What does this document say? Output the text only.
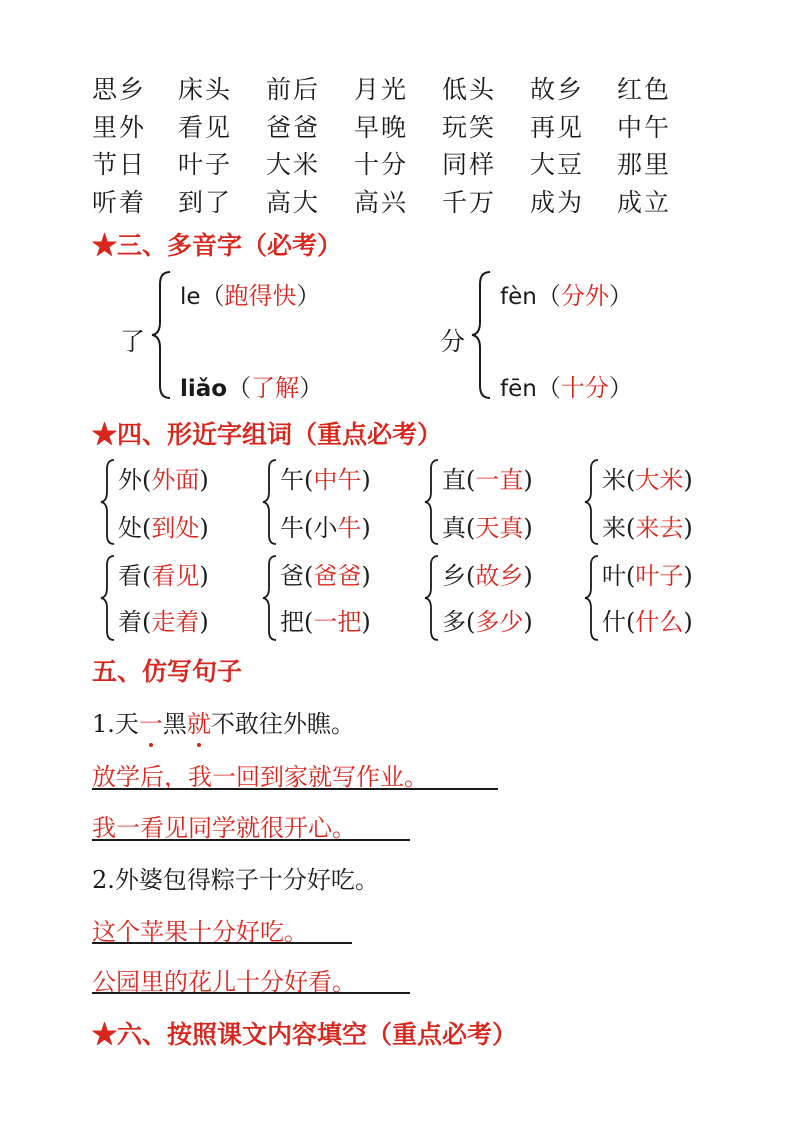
思乡 床头 前后 月光 低头 故乡 红色
里外 看见 爸爸 早晚 玩笑 再见 中午
节日 叶子 大米 十分 同样 大豆 那里
听着 到了 高大 高兴 千万 成为 成立
★三、多音字（必考）
了
le（跑得快）
liǎo（了解）
分
fèn（分外）
fēn（十分）
★四、形近字组词（重点必考）
外(外面)
处(到处)
午(中午)
牛(小牛)
直(一直)
真(天真)
米(大米)
来(来去)
看(看见)
着(走着)
爸(爸爸)
把(一把)
乡(故乡)
多(多少)
叶(叶子)
什(什么)
五、仿写句子
1.天一黑就不敢往外瞧。
放学后，我一回到家就写作业。
我一看见同学就很开心。
2.外婆包得粽子十分好吃。
这个苹果十分好吃。
公园里的花儿十分好看。
★六、按照课文内容填空（重点必考）
